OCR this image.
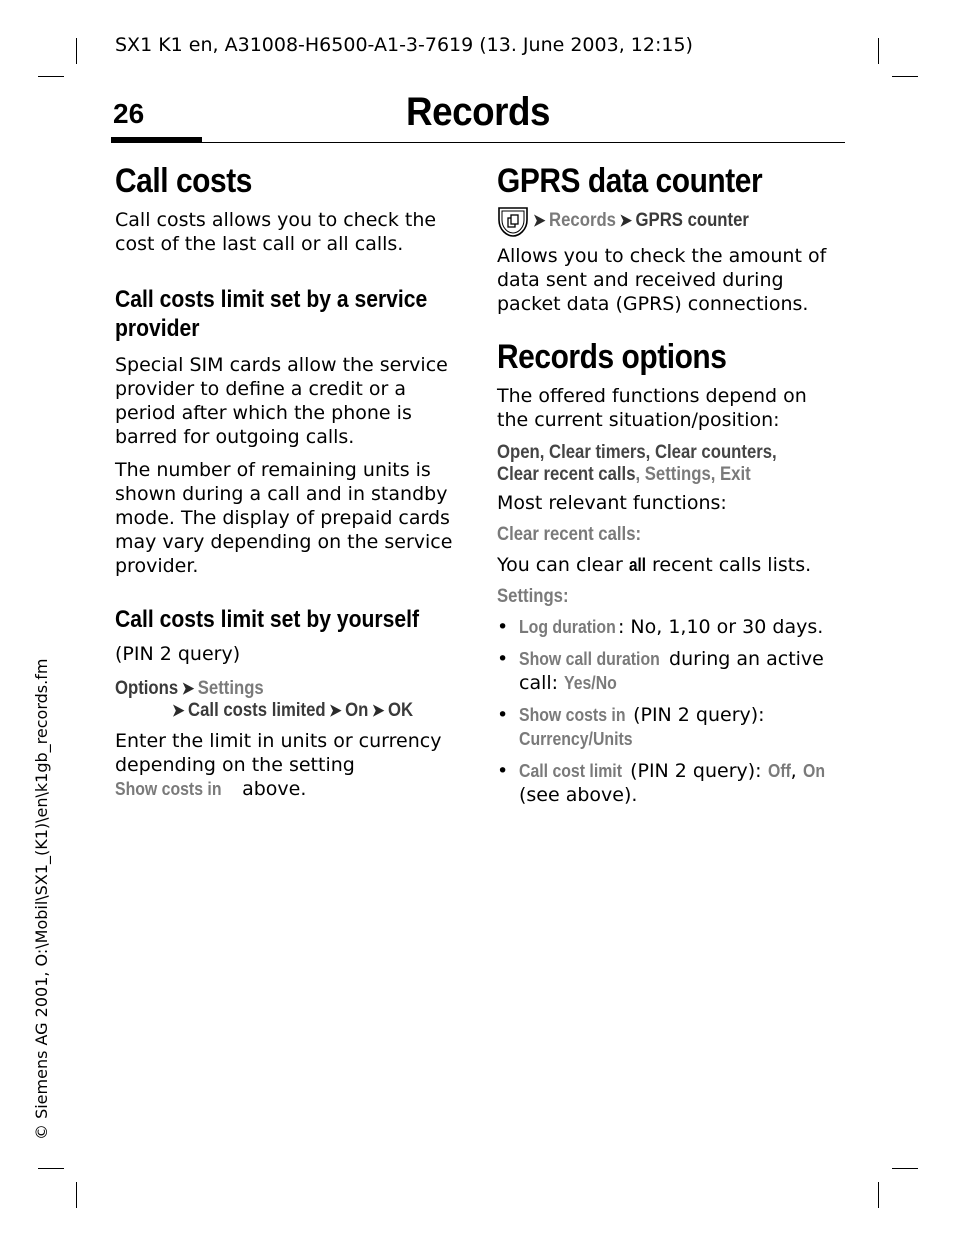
SX1 K1 en, A31008-H6500-A1-3-7619 (13. June 2003, 12:15)
26	Records
Call costs

Call costs allows you to check the cost of the last call or all calls.

Call costs limit set by a service provider

Special SIM cards allow the service provider to define a credit or a period after which the phone is barred for outgoing calls.

The number of remaining units is shown during a call and in standby mode. The display of prepaid cards may vary depending on the service provider.

Call costs limit set by yourself

(PIN 2 query)

Options ➤ Settings
➤ Call costs limited ➤ On ➤ OK

Enter the limit in units or currency depending on the setting Show costs in above.

GPRS data counter
➤ Records ➤ GPRS counter

Allows you to check the amount of data sent and received during packet data (GPRS) connections.

Records options

The offered functions depend on the current situation/position:

Open, Clear timers, Clear counters,
Clear recent calls, Settings, Exit

Most relevant functions:

Clear recent calls:

You can clear all recent calls lists.

Settings:
• Log duration : No, 1,10 or 30 days.
• Show call duration during an active call: Yes/No
• Show costs in (PIN 2 query):
Currency/Units
• Call cost limit (PIN 2 query): Off, On
(see above).
© Siemens AG 2001, O:\Mobil\SX1_(K1)\en\k1gb_records.fm
